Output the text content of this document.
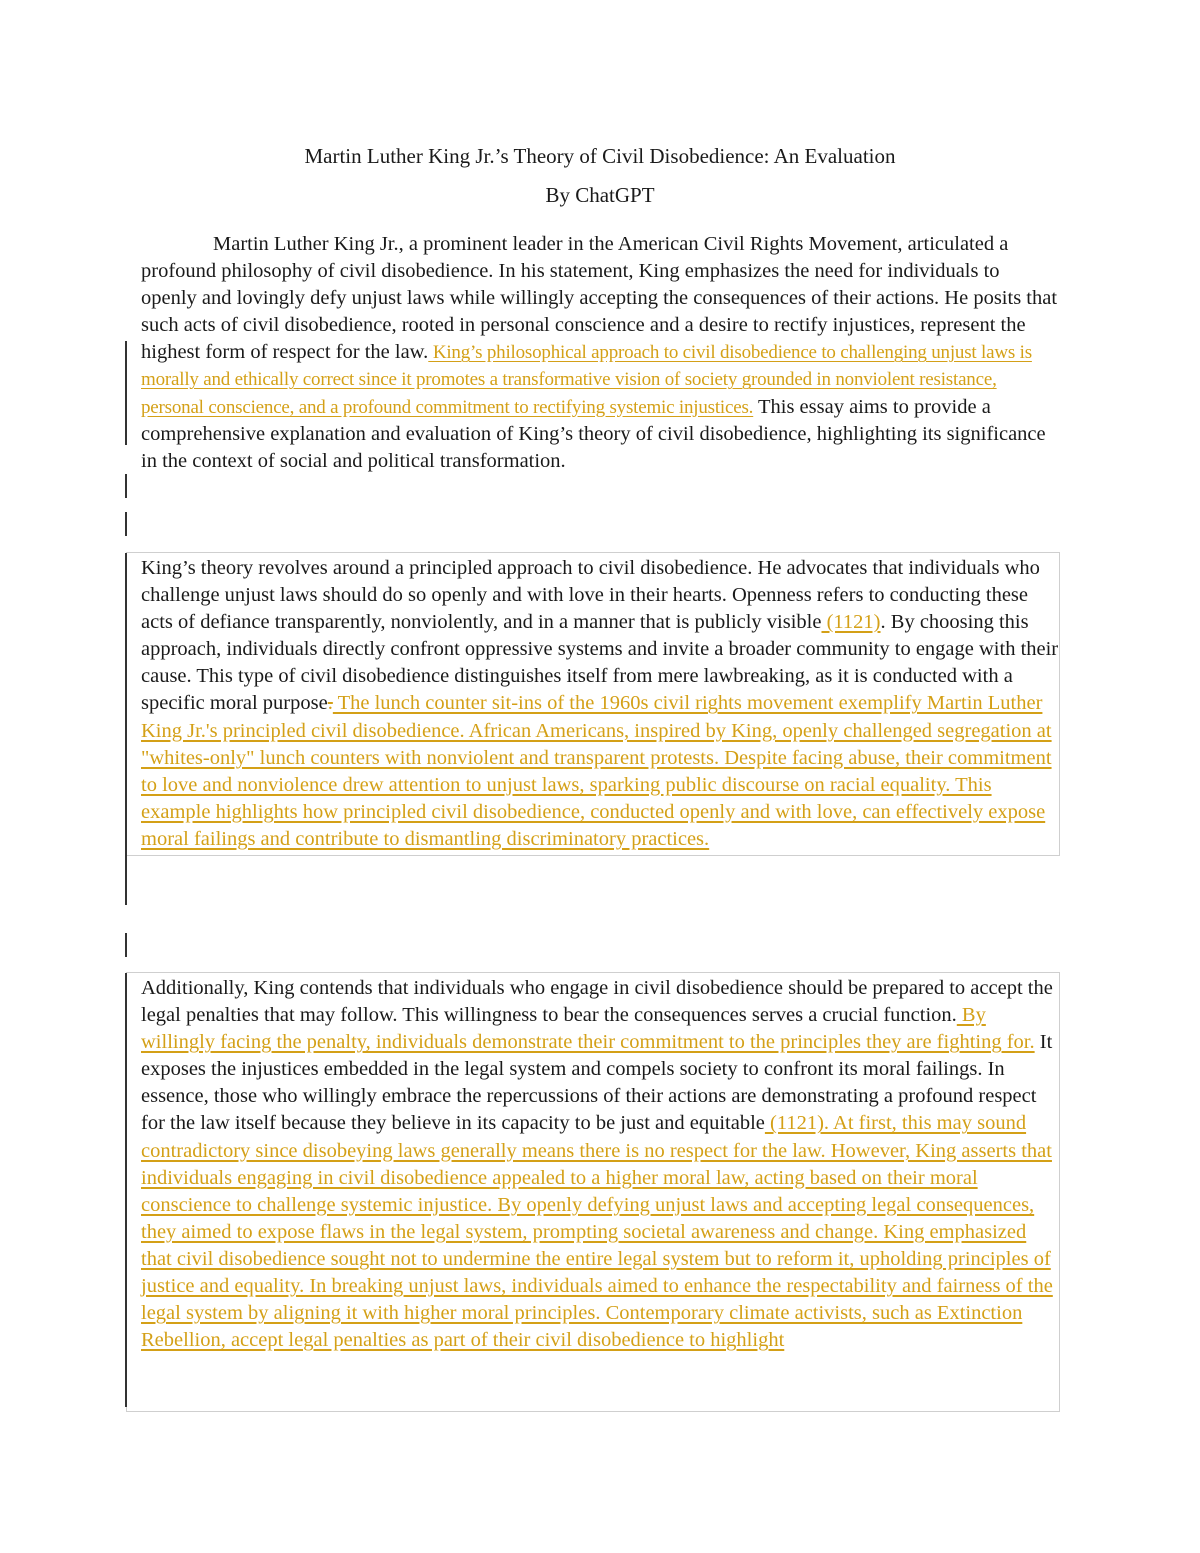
Martin Luther King Jr.’s Theory of Civil Disobedience: An Evaluation
By ChatGPT

Martin Luther King Jr., a prominent leader in the American Civil Rights Movement, articulated a profound philosophy of civil disobedience. In his statement, King emphasizes the need for individuals to openly and lovingly defy unjust laws while willingly accepting the consequences of their actions. He posits that such acts of civil disobedience, rooted in personal conscience and a desire to rectify injustices, represent the highest form of respect for the law. King’s philosophical approach to civil disobedience to challenging unjust laws is morally and ethically correct since it promotes a transformative vision of society grounded in nonviolent resistance, personal conscience, and a profound commitment to rectifying systemic injustices. This essay aims to provide a comprehensive explanation and evaluation of King’s theory of civil disobedience, highlighting its significance in the context of social and political transformation.

King’s theory revolves around a principled approach to civil disobedience. He advocates that individuals who challenge unjust laws should do so openly and with love in their hearts. Openness refers to conducting these acts of defiance transparently, nonviolently, and in a manner that is publicly visible (1121). By choosing this approach, individuals directly confront oppressive systems and invite a broader community to engage with their cause. This type of civil disobedience distinguishes itself from mere lawbreaking, as it is conducted with a specific moral purpose. The lunch counter sit-ins of the 1960s civil rights movement exemplify Martin Luther King Jr.'s principled civil disobedience. African Americans, inspired by King, openly challenged segregation at "whites-only" lunch counters with nonviolent and transparent protests. Despite facing abuse, their commitment to love and nonviolence drew attention to unjust laws, sparking public discourse on racial equality. This example highlights how principled civil disobedience, conducted openly and with love, can effectively expose moral failings and contribute to dismantling discriminatory practices.

Additionally, King contends that individuals who engage in civil disobedience should be prepared to accept the legal penalties that may follow. This willingness to bear the consequences serves a crucial function. By willingly facing the penalty, individuals demonstrate their commitment to the principles they are fighting for. It exposes the injustices embedded in the legal system and compels society to confront its moral failings. In essence, those who willingly embrace the repercussions of their actions are demonstrating a profound respect for the law itself because they believe in its capacity to be just and equitable (1121). At first, this may sound contradictory since disobeying laws generally means there is no respect for the law. However, King asserts that individuals engaging in civil disobedience appealed to a higher moral law, acting based on their moral conscience to challenge systemic injustice. By openly defying unjust laws and accepting legal consequences, they aimed to expose flaws in the legal system, prompting societal awareness and change. King emphasized that civil disobedience sought not to undermine the entire legal system but to reform it, upholding principles of justice and equality. In breaking unjust laws, individuals aimed to enhance the respectability and fairness of the legal system by aligning it with higher moral principles. Contemporary climate activists, such as Extinction Rebellion, accept legal penalties as part of their civil disobedience to highlight
